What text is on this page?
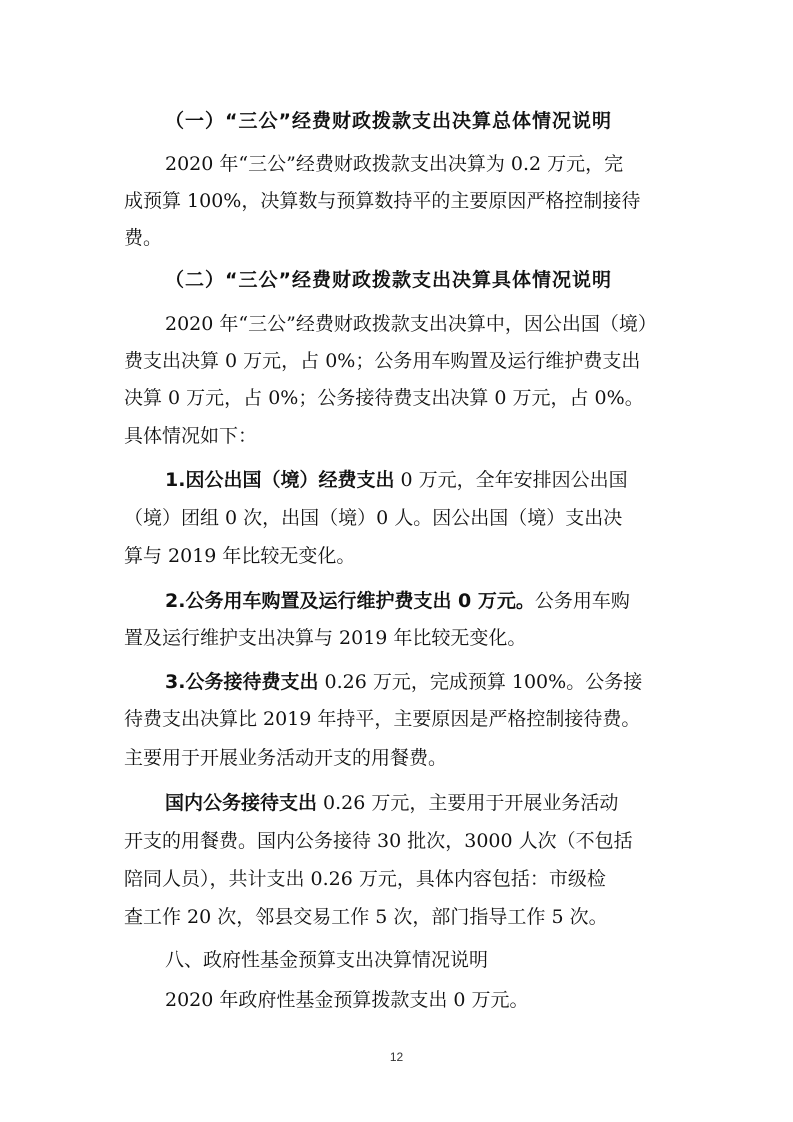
（一）“三公”经费财政拨款支出决算总体情况说明
2020 年“三公”经费财政拨款支出决算为 0.2 万元，完
成预算 100%，决算数与预算数持平的主要原因严格控制接待
费。
（二）“三公”经费财政拨款支出决算具体情况说明
2020 年“三公”经费财政拨款支出决算中，因公出国（境）
费支出决算 0 万元，占 0%；公务用车购置及运行维护费支出
决算 0 万元，占 0%；公务接待费支出决算 0 万元，占 0%。
具体情况如下：
1.因公出国（境）经费支出 0 万元，全年安排因公出国
（境）团组 0 次，出国（境）0 人。因公出国（境）支出决
算与 2019 年比较无变化。
2.公务用车购置及运行维护费支出 0 万元。公务用车购
置及运行维护支出决算与 2019 年比较无变化。
3.公务接待费支出 0.26 万元，完成预算 100%。公务接
待费支出决算比 2019 年持平，主要原因是严格控制接待费。
主要用于开展业务活动开支的用餐费。
国内公务接待支出 0.26 万元，主要用于开展业务活动
开支的用餐费。国内公务接待 30 批次，3000 人次（不包括
陪同人员），共计支出 0.26 万元，具体内容包括：市级检
查工作 20 次，邻县交易工作 5 次，部门指导工作 5 次。
八、政府性基金预算支出决算情况说明
2020 年政府性基金预算拨款支出 0 万元。
12
